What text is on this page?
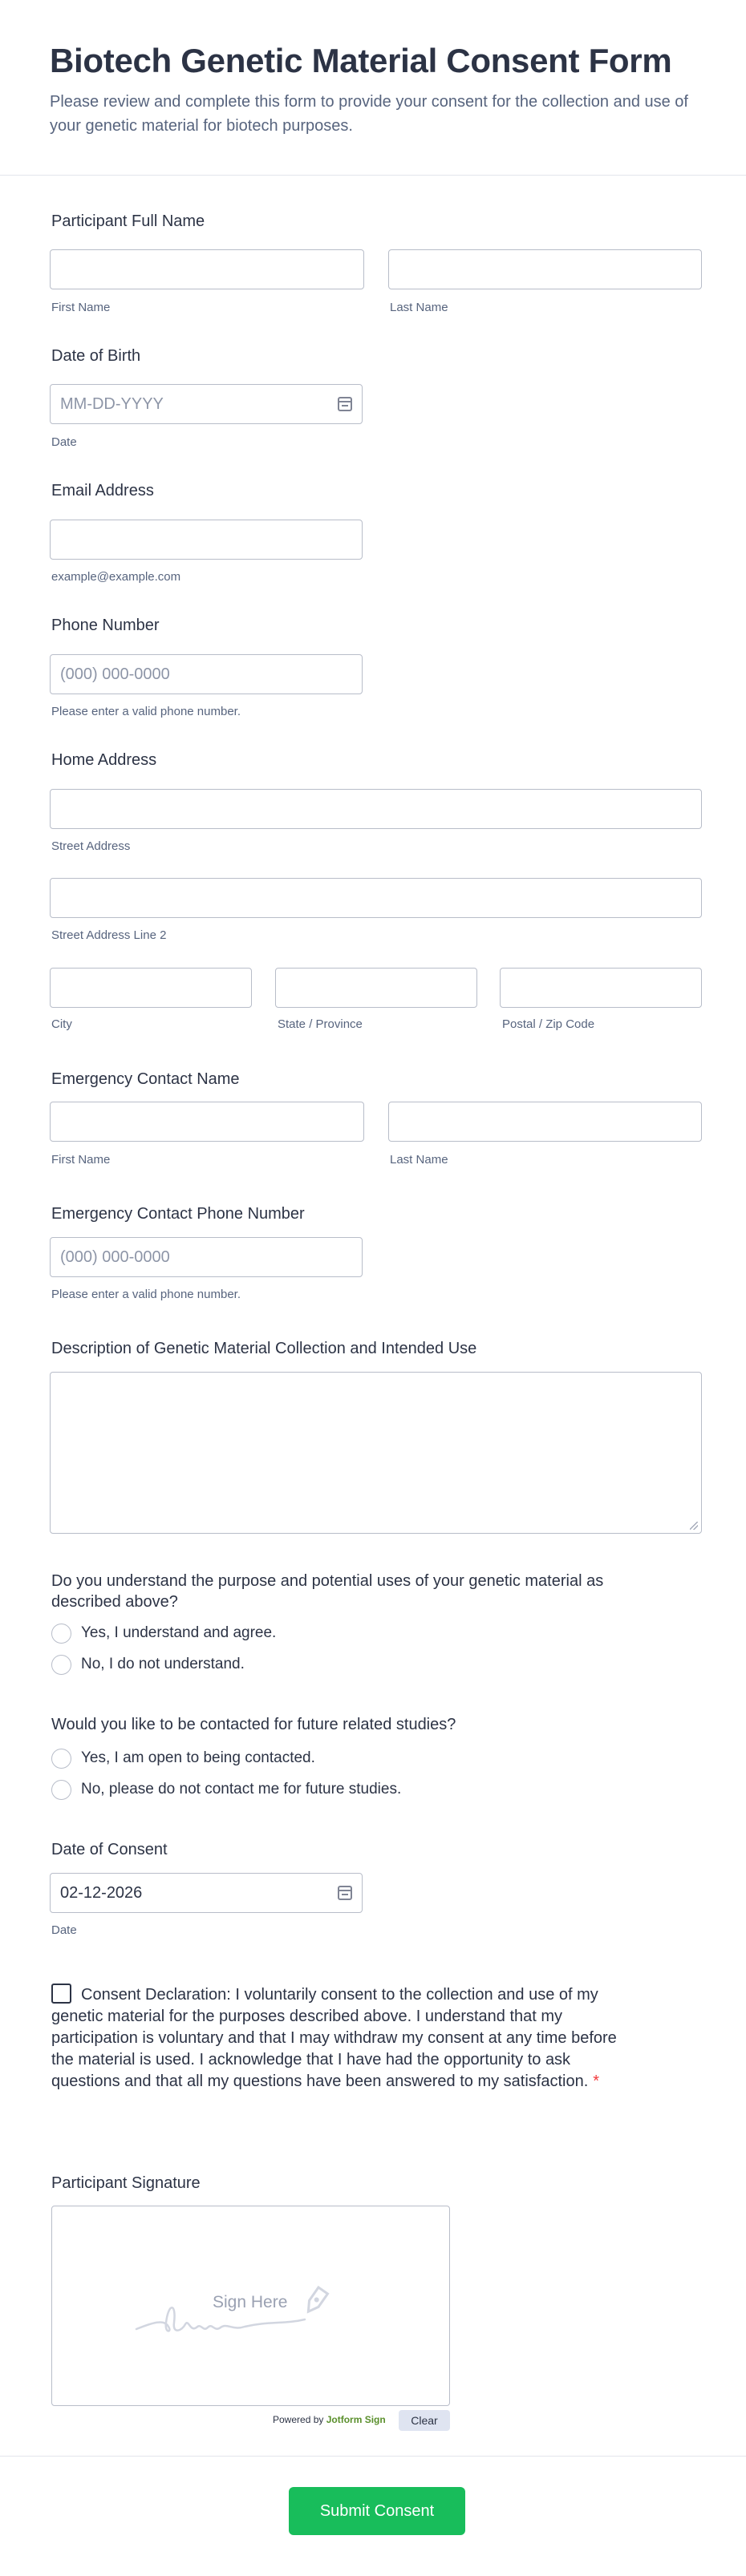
Biotech Genetic Material Consent Form

Please review and complete this form to provide your consent for the collection and use of your genetic material for biotech purposes.

Participant Full Name
First Name	Last Name
Date of Birth
MM-DD-YYYY
Date
Email Address
example@example.com
Phone Number
(000) 000-0000
Please enter a valid phone number.
Home Address
Street Address
Street Address Line 2
City	State / Province	Postal / Zip Code
Emergency Contact Name
First Name	Last Name
Emergency Contact Phone Number
(000) 000-0000
Please enter a valid phone number.
Description of Genetic Material Collection and Intended Use
Do you understand the purpose and potential uses of your genetic material as described above?
Yes, I understand and agree.
No, I do not understand.
Would you like to be contacted for future related studies?
Yes, I am open to being contacted.
No, please do not contact me for future studies.
Date of Consent
02-12-2026
Date
Consent Declaration: I voluntarily consent to the collection and use of my genetic material for the purposes described above. I understand that my participation is voluntary and that I may withdraw my consent at any time before the material is used. I acknowledge that I have had the opportunity to ask questions and that all my questions have been answered to my satisfaction. *
Participant Signature
Sign Here
Powered by Jotform Sign	Clear
Submit Consent
